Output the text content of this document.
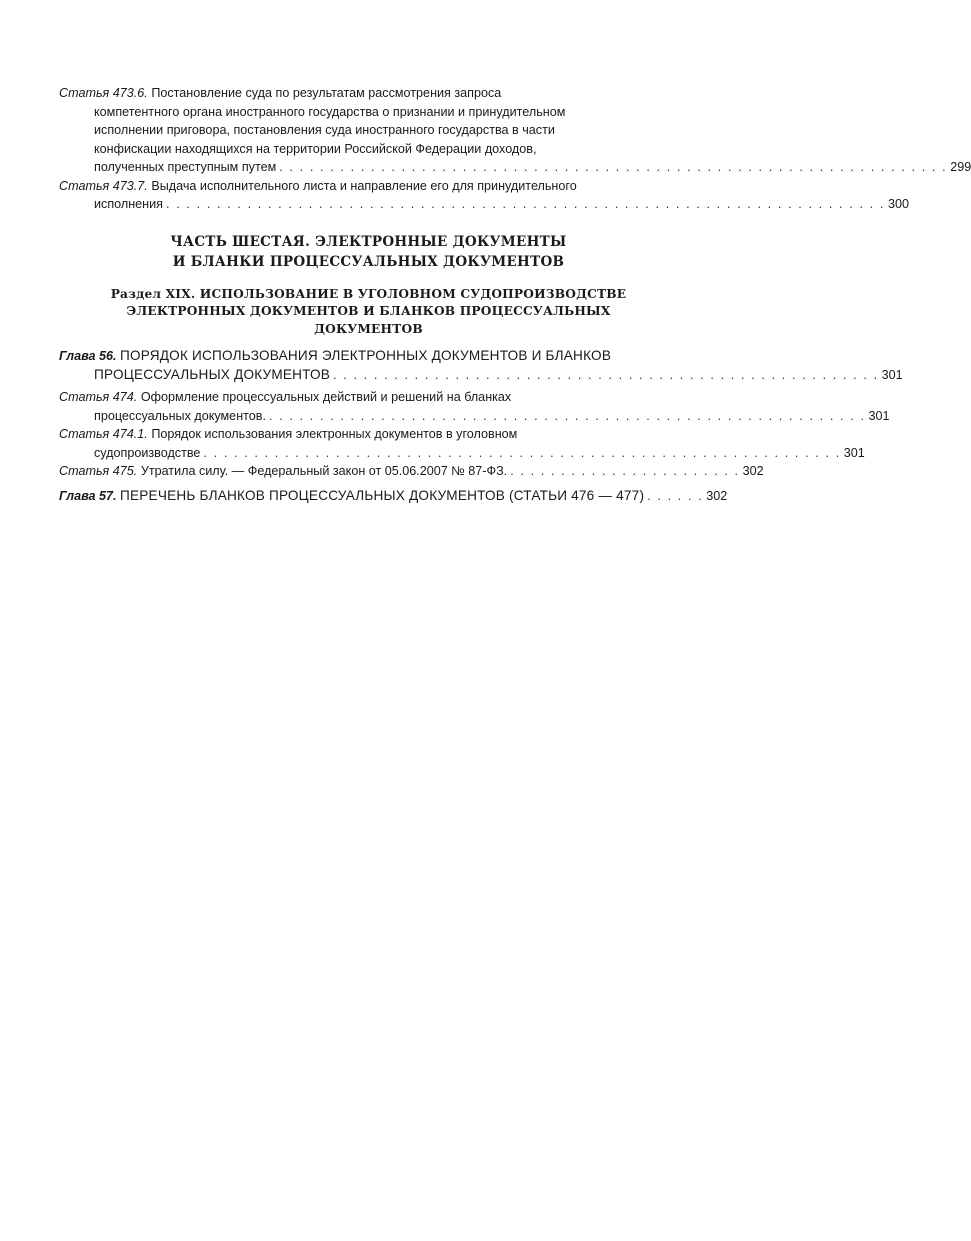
Статья 473.6. Постановление суда по результатам рассмотрения запроса
компетентного органа иностранного государства о признании и принудительном
исполнении приговора, постановления суда иностранного государства в части
конфискации находящихся на территории Российской Федерации доходов,
полученных преступным путем . . . . . . . . . . . . . . . . . . . . . . . . . . . . . . . . . . . . . . . . . . . . . . . . . . . . . . . . . . . . . . . . . . 299
Статья 473.7. Выдача исполнительного листа и направление его для принудительного
исполнения . . . . . . . . . . . . . . . . . . . . . . . . . . . . . . . . . . . . . . . . . . . . . . . . . . . . . . . . . . . . . . . . . . . . . . . 300
ЧАСТЬ ШЕСТАЯ. ЭЛЕКТРОННЫЕ ДОКУМЕНТЫ
И БЛАНКИ ПРОЦЕССУАЛЬНЫХ ДОКУМЕНТОВ
Раздел XIX. ИСПОЛЬЗОВАНИЕ В УГОЛОВНОМ СУДОПРОИЗВОДСТВЕ
ЭЛЕКТРОННЫХ ДОКУМЕНТОВ И БЛАНКОВ ПРОЦЕССУАЛЬНЫХ
ДОКУМЕНТОВ
Глава 56. ПОРЯДОК ИСПОЛЬЗОВАНИЯ ЭЛЕКТРОННЫХ ДОКУМЕНТОВ И БЛАНКОВ
ПРОЦЕССУАЛЬНЫХ ДОКУМЕНТОВ . . . . . . . . . . . . . . . . . . . . . . . . . . . . . . . . . . . . . . . . . . . . . . . . . . . . . . 301
Статья 474. Оформление процессуальных действий и решений на бланках
процессуальных документов. . . . . . . . . . . . . . . . . . . . . . . . . . . . . . . . . . . . . . . . . . . . . . . . . . . . . . . . . . . . 301
Статья 474.1. Порядок использования электронных документов в уголовном
судопроизводстве . . . . . . . . . . . . . . . . . . . . . . . . . . . . . . . . . . . . . . . . . . . . . . . . . . . . . . . . . . . . . . . 301
Статья 475. Утратила силу. — Федеральный закон от 05.06.2007 № 87-ФЗ. . . . . . . . . . . . . . . . . . . . . . . . 302
Глава 57. ПЕРЕЧЕНЬ БЛАНКОВ ПРОЦЕССУАЛЬНЫХ ДОКУМЕНТОВ (СТАТЬИ 476 — 477) . . . . . . 302
